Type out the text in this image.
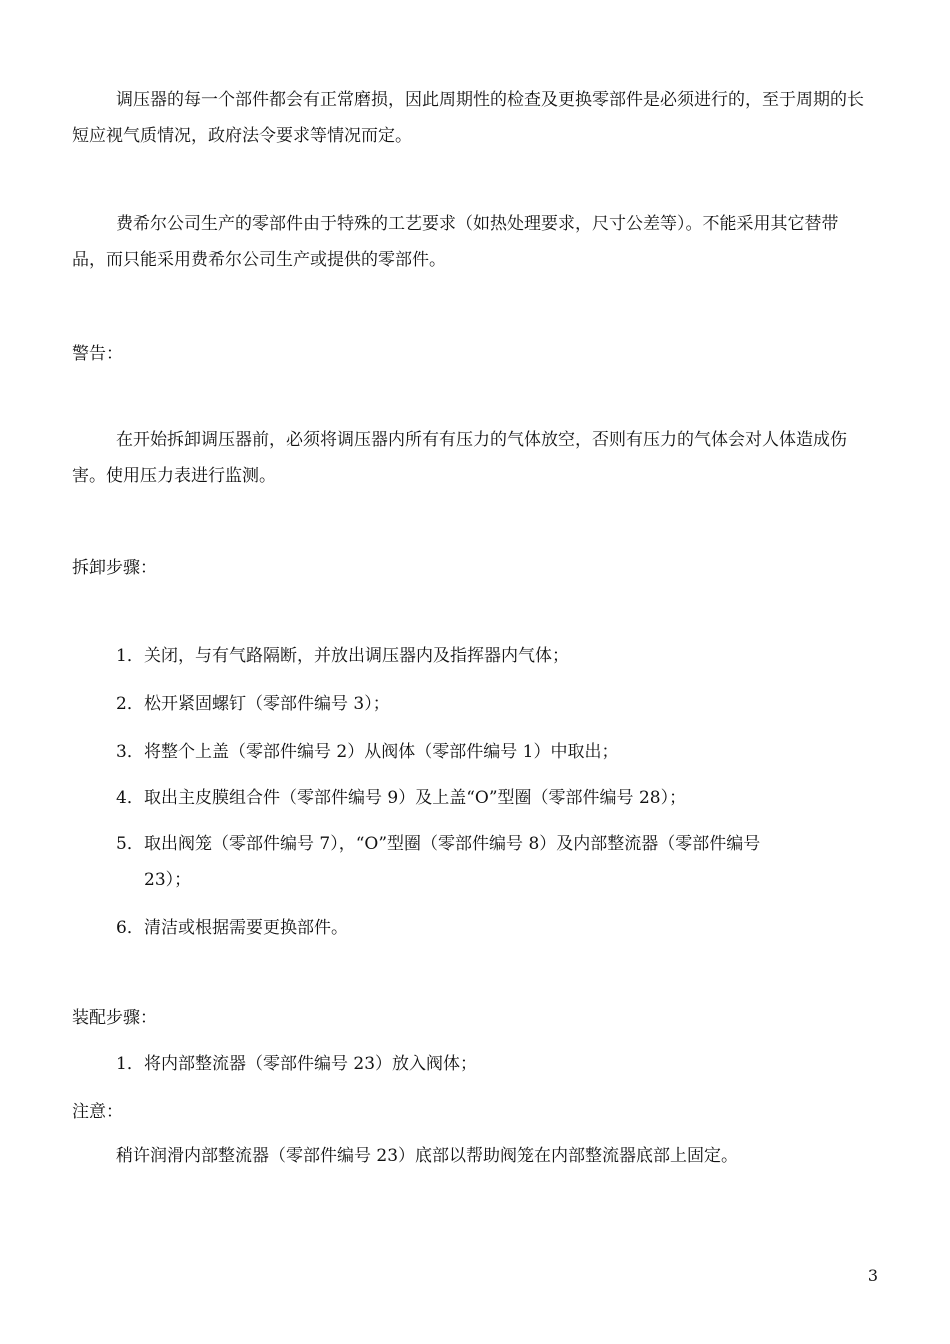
调压器的每一个部件都会有正常磨损，因此周期性的检查及更换零部件是必须进行的，至于周期的长短应视气质情况，政府法令要求等情况而定。

费希尔公司生产的零部件由于特殊的工艺要求（如热处理要求，尺寸公差等）。不能采用其它替带品，而只能采用费希尔公司生产或提供的零部件。

警告：

在开始拆卸调压器前，必须将调压器内所有有压力的气体放空，否则有压力的气体会对人体造成伤害。使用压力表进行监测。

拆卸步骤：

1．关闭，与有气路隔断，并放出调压器内及指挥器内气体；
2．松开紧固螺钉（零部件编号 3）；
3．将整个上盖（零部件编号 2）从阀体（零部件编号 1）中取出；
4．取出主皮膜组合件（零部件编号 9）及上盖“O”型圈（零部件编号 28）；
5．取出阀笼（零部件编号 7），“O”型圈（零部件编号 8）及内部整流器（零部件编号
23）；
6．清洁或根据需要更换部件。

装配步骤：

1．将内部整流器（零部件编号 23）放入阀体；

注意：

稍许润滑内部整流器（零部件编号 23）底部以帮助阀笼在内部整流器底部上固定。
3
